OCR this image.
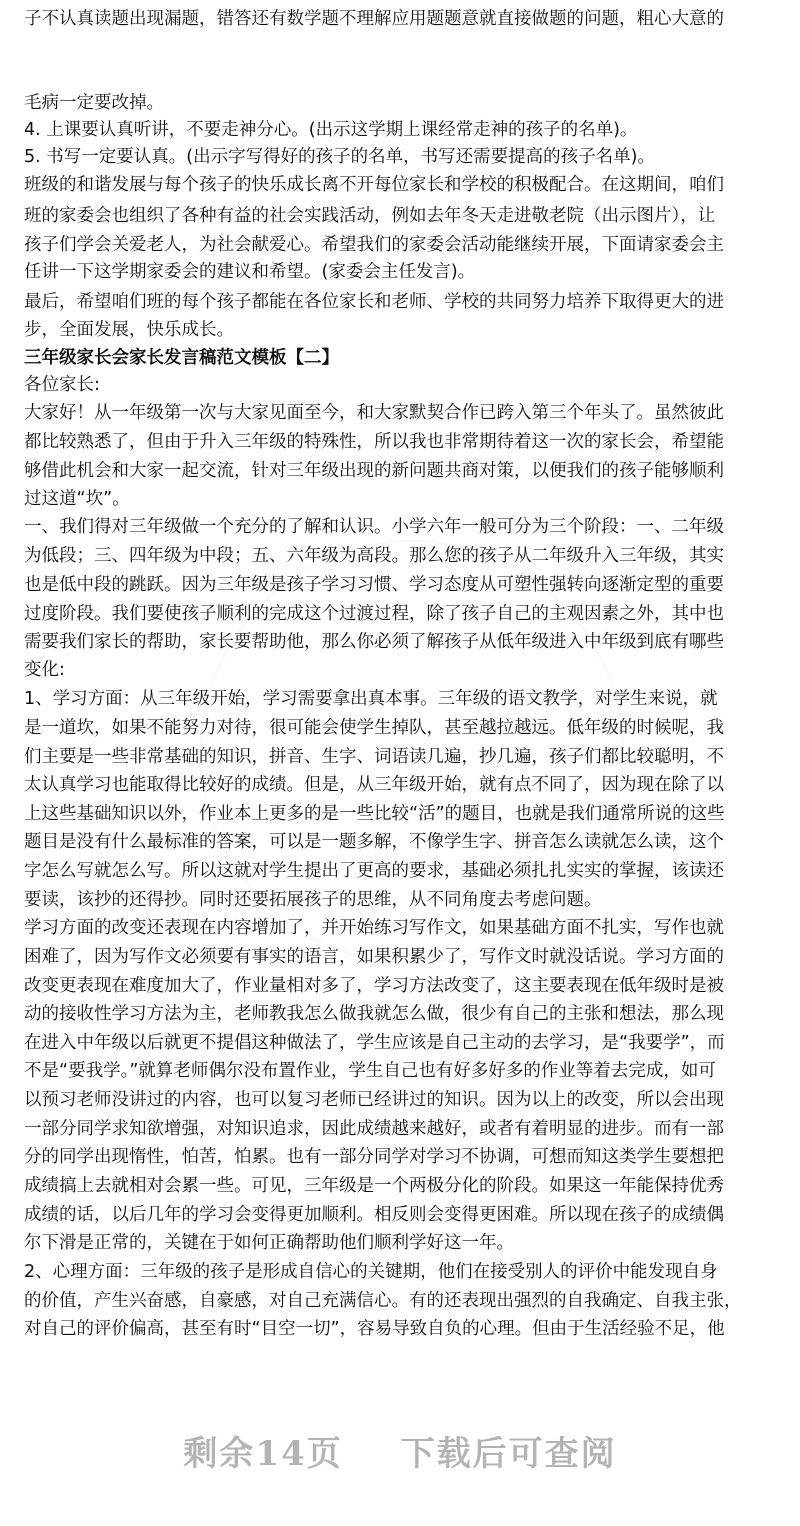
子不认真读题出现漏题，错答还有数学题不理解应用题题意就直接做题的问题，粗心大意的
毛病一定要改掉。
4. 上课要认真听讲，不要走神分心。(出示这学期上课经常走神的孩子的名单)。
5. 书写一定要认真。(出示字写得好的孩子的名单，书写还需要提高的孩子名单)。
班级的和谐发展与每个孩子的快乐成长离不开每位家长和学校的积极配合。在这期间，咱们
班的家委会也组织了各种有益的社会实践活动，例如去年冬天走进敬老院（出示图片），让
孩子们学会关爱老人，为社会献爱心。希望我们的家委会活动能继续开展，下面请家委会主
任讲一下这学期家委会的建议和希望。(家委会主任发言)。
最后，希望咱们班的每个孩子都能在各位家长和老师、学校的共同努力培养下取得更大的进
步，全面发展，快乐成长。
三年级家长会家长发言稿范文模板【二】
各位家长:
大家好！从一年级第一次与大家见面至今，和大家默契合作已跨入第三个年头了。虽然彼此
都比较熟悉了，但由于升入三年级的特殊性，所以我也非常期待着这一次的家长会，希望能
够借此机会和大家一起交流，针对三年级出现的新问题共商对策，以便我们的孩子能够顺利
过这道“坎”。
一、我们得对三年级做一个充分的了解和认识。小学六年一般可分为三个阶段：一、二年级
为低段；三、四年级为中段；五、六年级为高段。那么您的孩子从二年级升入三年级，其实
也是低中段的跳跃。因为三年级是孩子学习习惯、学习态度从可塑性强转向逐渐定型的重要
过度阶段。我们要使孩子顺利的完成这个过渡过程，除了孩子自己的主观因素之外，其中也
需要我们家长的帮助，家长要帮助他，那么你必须了解孩子从低年级进入中年级到底有哪些
变化:
1、学习方面：从三年级开始，学习需要拿出真本事。三年级的语文教学，对学生来说，就
是一道坎，如果不能努力对待，很可能会使学生掉队，甚至越拉越远。低年级的时候呢，我
们主要是一些非常基础的知识，拼音、生字、词语读几遍，抄几遍，孩子们都比较聪明，不
太认真学习也能取得比较好的成绩。但是，从三年级开始，就有点不同了，因为现在除了以
上这些基础知识以外，作业本上更多的是一些比较“活”的题目，也就是我们通常所说的这些
题目是没有什么最标准的答案，可以是一题多解，不像学生字、拼音怎么读就怎么读，这个
字怎么写就怎么写。所以这就对学生提出了更高的要求，基础必须扎扎实实的掌握，该读还
要读，该抄的还得抄。同时还要拓展孩子的思维，从不同角度去考虑问题。
学习方面的改变还表现在内容增加了，并开始练习写作文，如果基础方面不扎实，写作也就
困难了，因为写作文必须要有事实的语言，如果积累少了，写作文时就没话说。学习方面的
改变更表现在难度加大了，作业量相对多了，学习方法改变了，这主要表现在低年级时是被
动的接收性学习方法为主，老师教我怎么做我就怎么做，很少有自己的主张和想法，那么现
在进入中年级以后就更不提倡这种做法了，学生应该是自己主动的去学习，是“我要学”，而
不是“要我学。”就算老师偶尔没布置作业，学生自己也有好多好多的作业等着去完成，如可
以预习老师没讲过的内容，也可以复习老师已经讲过的知识。因为以上的改变，所以会出现
一部分同学求知欲增强，对知识追求，因此成绩越来越好，或者有着明显的进步。而有一部
分的同学出现惰性，怕苦，怕累。也有一部分同学对学习不协调，可想而知这类学生要想把
成绩搞上去就相对会累一些。可见，三年级是一个两极分化的阶段。如果这一年能保持优秀
成绩的话，以后几年的学习会变得更加顺利。相反则会变得更困难。所以现在孩子的成绩偶
尔下滑是正常的，关键在于如何正确帮助他们顺利学好这一年。
2、心理方面：三年级的孩子是形成自信心的关键期，他们在接受别人的评价中能发现自身
的价值，产生兴奋感，自豪感，对自己充满信心。有的还表现出强烈的自我确定、自我主张，
对自己的评价偏高，甚至有时“目空一切”，容易导致自负的心理。但由于生活经验不足，他
剩余14页 下载后可查阅
